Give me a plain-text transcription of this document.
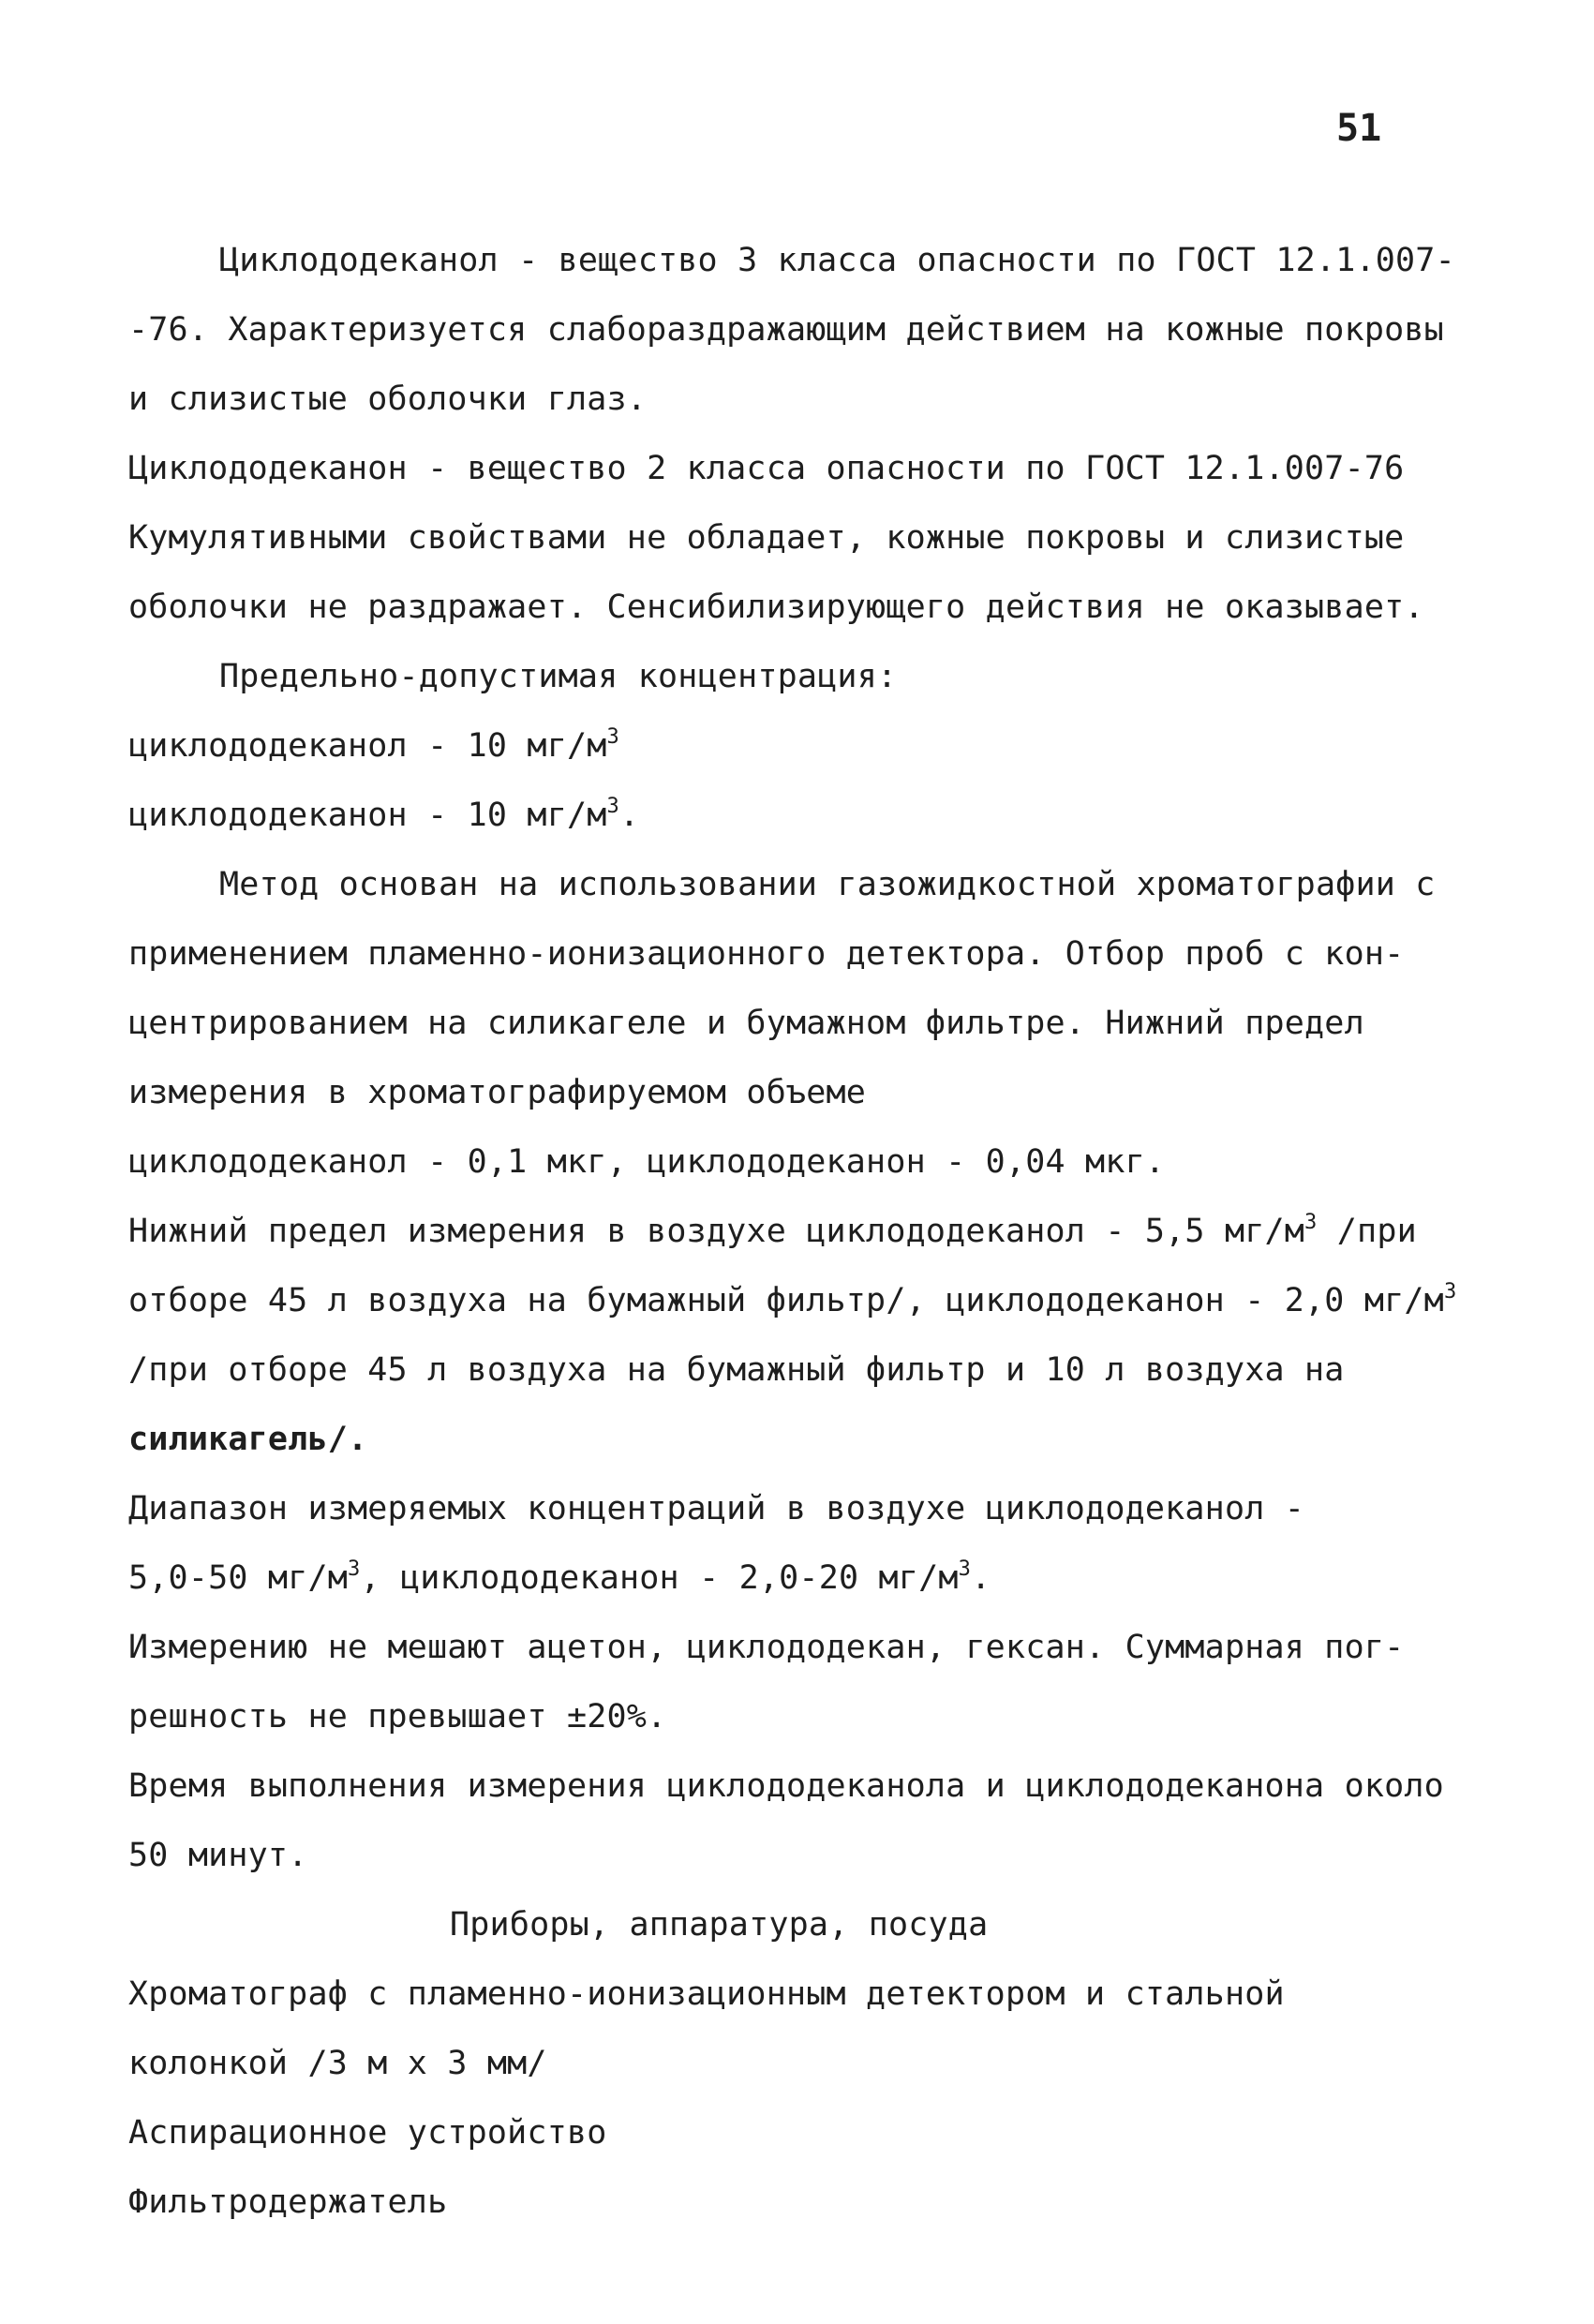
51
Циклододеканол - вещество 3 класса опасности по ГОСТ 12.1.007-
-76. Характеризуется слабораздражающим действием на кожные покровы
и слизистые оболочки глаз.
Циклододеканон - вещество 2 класса опасности по ГОСТ 12.1.007-76
Кумулятивными свойствами не обладает, кожные покровы и слизистые
оболочки не раздражает. Сенсибилизирующего действия не оказывает.
Предельно-допустимая концентрация:
циклододеканол - 10 $мг/м^3$
циклододеканон - 10 $мг/м^3$.
Метод основан на использовании газожидкостной хроматографии с
применением пламенно-ионизационного детектора. Отбор проб с кон-
центрированием на силикагеле и бумажном фильтре. Нижний предел
измерения в хроматографируемом объеме
циклододеканол - 0,1 мкг, циклододеканон - 0,04 мкг.
Нижний предел измерения в воздухе циклододеканол - 5,5 $мг/м^3$ /при
отборе 45 л воздуха на бумажный фильтр/, циклододеканон - 2,0 $мг/м^3$
/при отборе 45 л воздуха на бумажный фильтр и 10 л воздуха на
силикагель/.
Диапазон измеряемых концентраций в воздухе циклододеканол -
5,0-50 $мг/м^3$, циклододеканон - 2,0-20 $мг/м^3$.
Измерению не мешают ацетон, циклододекан, гексан. Суммарная пог-
решность не превышает ±20%.
Время выполнения измерения циклододеканола и циклододеканона около
50 минут.
Приборы, аппаратура, посуда
Хроматограф с пламенно-ионизационным детектором и стальной
колонкой /3 м x 3 мм/
Аспирационное устройство
Фильтродержатель
